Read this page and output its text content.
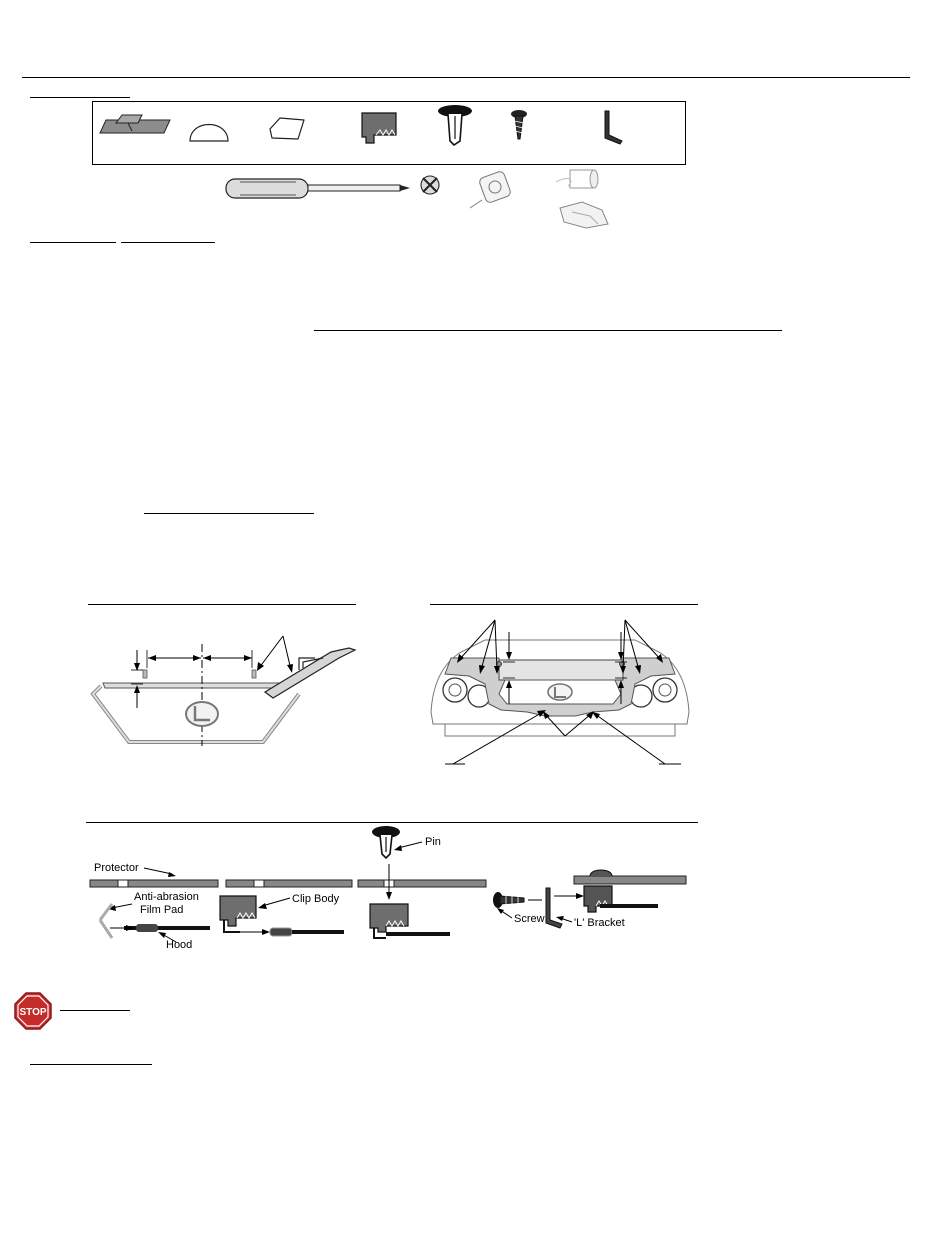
Protector
Anti-abrasion
Film Pad
Hood
Clip Body
Pin
Screw	'L' Bracket
STOP
